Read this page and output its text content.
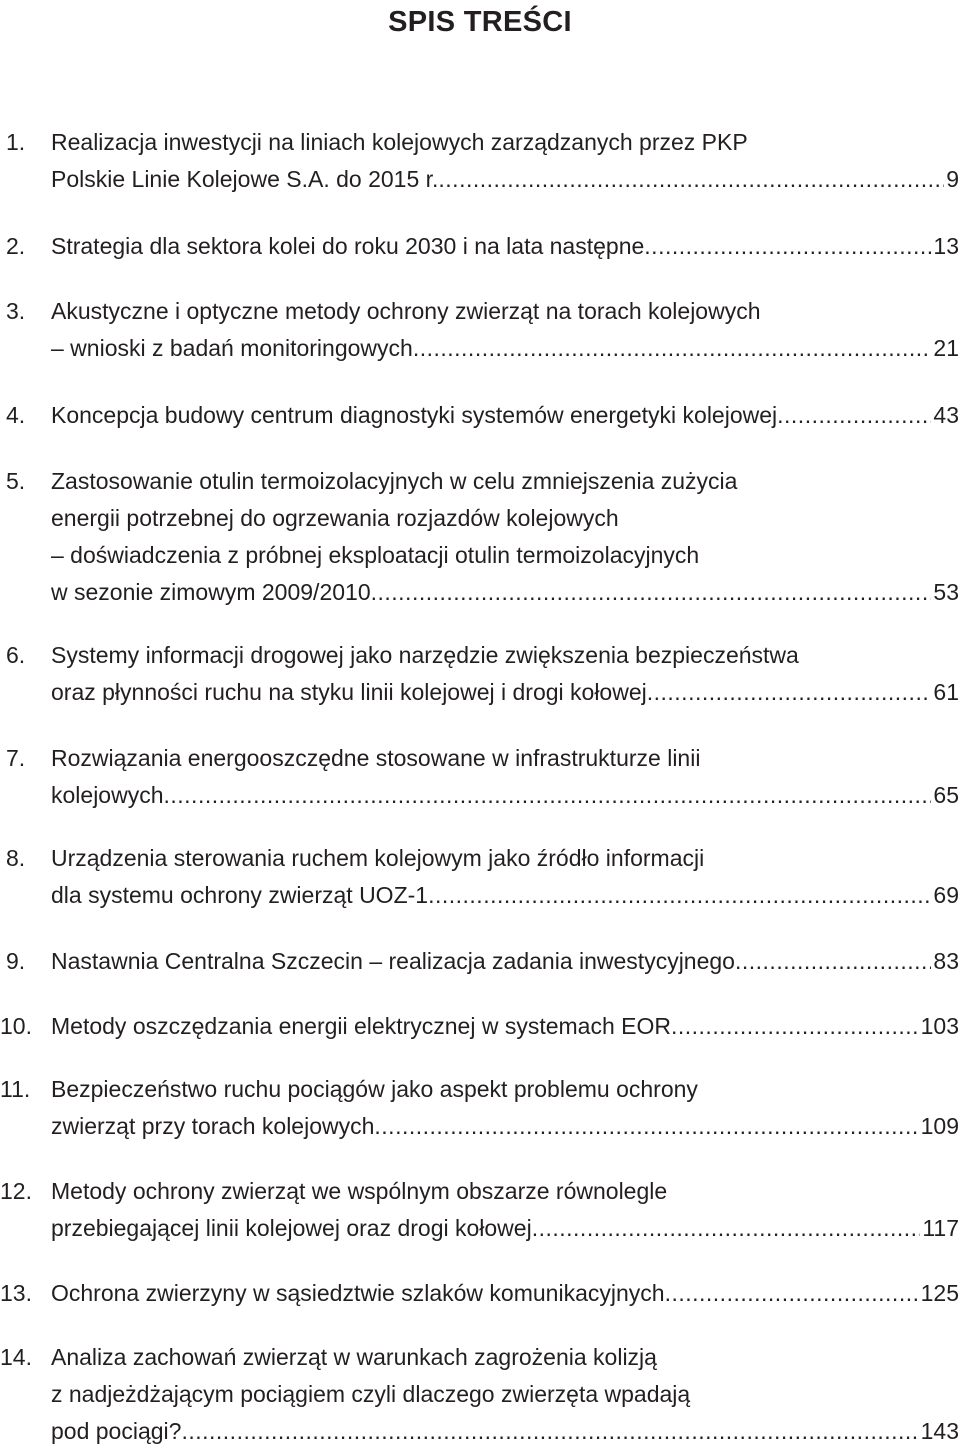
SPIS TREŚCI
1. Realizacja inwestycji na liniach kolejowych zarządzanych przez PKP
Polskie Linie Kolejowe S.A. do 2015 r. .....	9
2. Strategia dla sektora kolei do roku 2030 i na lata następne .....	13
3. Akustyczne i optyczne metody ochrony zwierząt na torach kolejowych
– wnioski z badań monitoringowych .....	21
4. Koncepcja budowy centrum diagnostyki systemów energetyki kolejowej .....	43
5. Zastosowanie otulin termoizolacyjnych w celu zmniejszenia zużycia
energii potrzebnej do ogrzewania rozjazdów kolejowych
– doświadczenia z próbnej eksploatacji otulin termoizolacyjnych
w sezonie zimowym 2009/2010 .....	53
6. Systemy informacji drogowej jako narzędzie zwiększenia bezpieczeństwa
oraz płynności ruchu na styku linii kolejowej i drogi kołowej .....	61
7. Rozwiązania energooszczędne stosowane w infrastrukturze linii
kolejowych .....	65
8. Urządzenia sterowania ruchem kolejowym jako źródło informacji
dla systemu ochrony zwierząt UOZ-1 .....	69
9. Nastawnia Centralna Szczecin – realizacja zadania inwestycyjnego .....	83
10. Metody oszczędzania energii elektrycznej w systemach EOR .....	103
11. Bezpieczeństwo ruchu pociągów jako aspekt problemu ochrony
zwierząt przy torach kolejowych .....	109
12. Metody ochrony zwierząt we wspólnym obszarze równolegle
przebiegającej linii kolejowej oraz drogi kołowej .....	117
13. Ochrona zwierzyny w sąsiedztwie szlaków komunikacyjnych .....	125
14. Analiza zachowań zwierząt w warunkach zagrożenia kolizją
z nadjeżdżającym pociągiem czyli dlaczego zwierzęta wpadają
pod pociągi? .....	143
